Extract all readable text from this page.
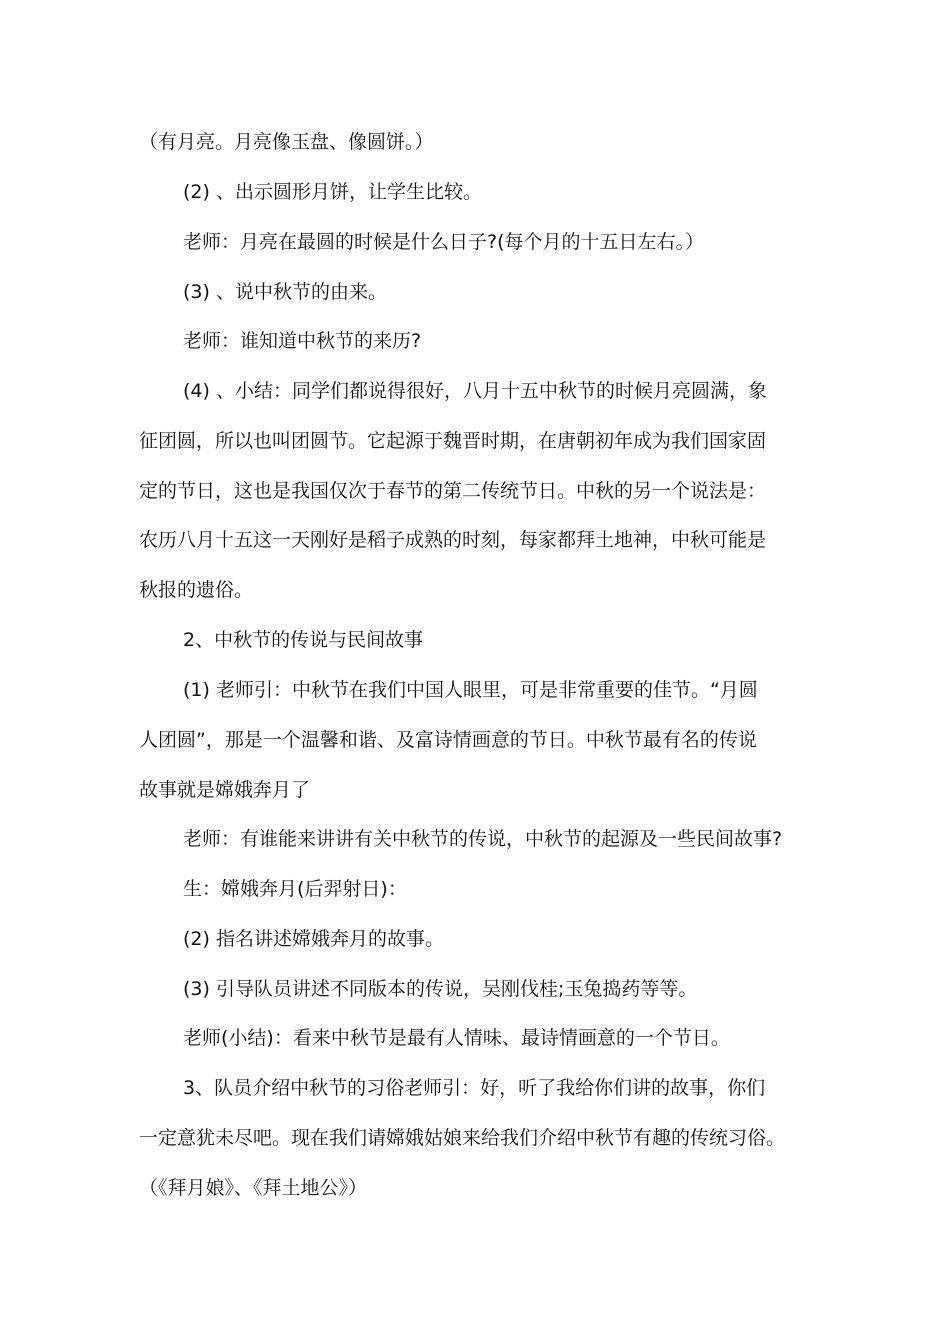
（有月亮。月亮像玉盘、像圆饼。）
(2) 、出示圆形月饼，让学生比较。
老师：月亮在最圆的时候是什么日子?(每个月的十五日左右。）
(3) 、说中秋节的由来。
老师：谁知道中秋节的来历?
(4) 、小结：同学们都说得很好，八月十五中秋节的时候月亮圆满，象
征团圆，所以也叫团圆节。它起源于魏晋时期，在唐朝初年成为我们国家固
定的节日，这也是我国仅次于春节的第二传统节日。中秋的另一个说法是：
农历八月十五这一天刚好是稻子成熟的时刻，每家都拜土地神，中秋可能是
秋报的遗俗。
2、中秋节的传说与民间故事
(1) 老师引：中秋节在我们中国人眼里，可是非常重要的佳节。“月圆
人团圆”，那是一个温馨和谐、及富诗情画意的节日。中秋节最有名的传说
故事就是嫦娥奔月了
老师：有谁能来讲讲有关中秋节的传说，中秋节的起源及一些民间故事?
生：嫦娥奔月(后羿射日)：
(2) 指名讲述嫦娥奔月的故事。
(3) 引导队员讲述不同版本的传说，吴刚伐桂;玉兔捣药等等。
老师(小结)：看来中秋节是最有人情味、最诗情画意的一个节日。
3、队员介绍中秋节的习俗老师引：好，听了我给你们讲的故事，你们
一定意犹未尽吧。现在我们请嫦娥姑娘来给我们介绍中秋节有趣的传统习俗。
（《拜月娘》、《拜土地公》）
